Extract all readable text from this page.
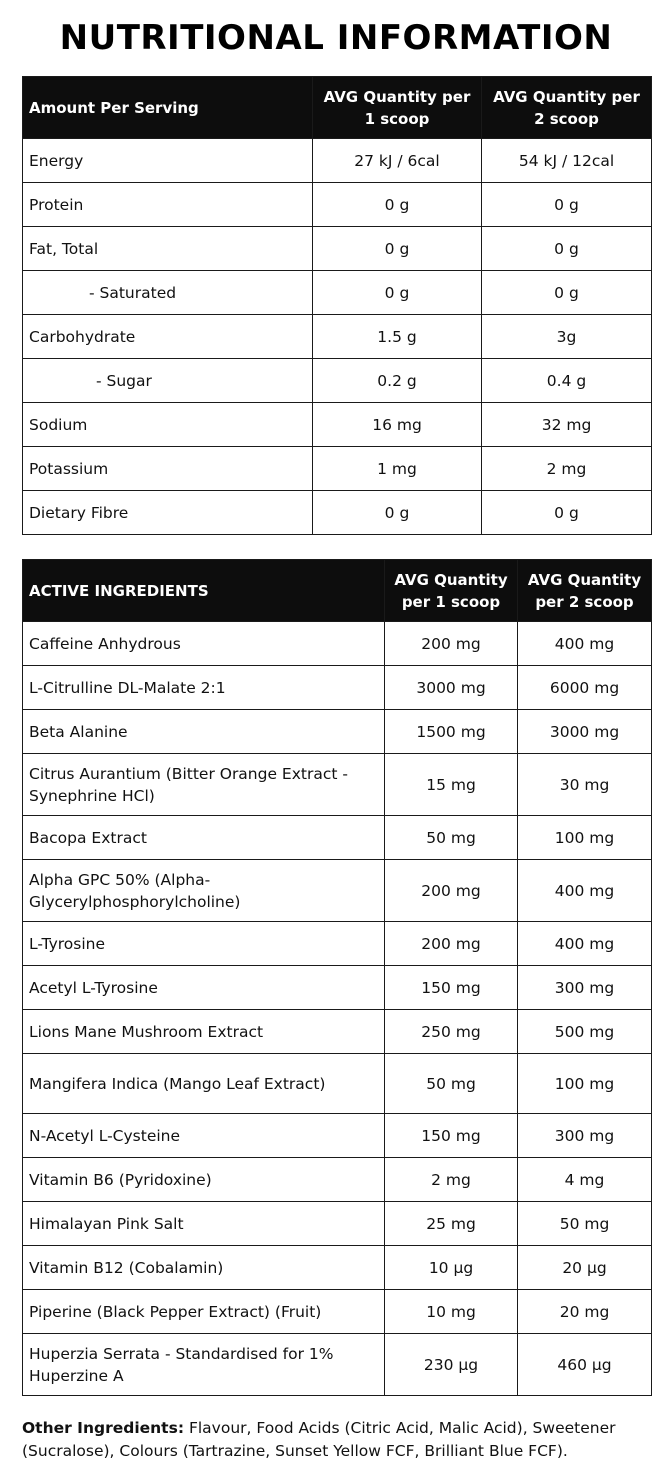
NUTRITIONAL INFORMATION
Amount Per Serving	AVG Quantity per 1 scoop	AVG Quantity per 2 scoop
Energy	27 kJ / 6cal	54 kJ / 12cal
Protein	0 g	0 g
Fat, Total	0 g	0 g
- Saturated	0 g	0 g
Carbohydrate	1.5 g	3g
- Sugar	0.2 g	0.4 g
Sodium	16 mg	32 mg
Potassium	1 mg	2 mg
Dietary Fibre	0 g	0 g
ACTIVE INGREDIENTS	AVG Quantity per 1 scoop	AVG Quantity per 2 scoop
Caffeine Anhydrous	200 mg	400 mg
L-Citrulline DL-Malate 2:1	3000 mg	6000 mg
Beta Alanine	1500 mg	3000 mg
Citrus Aurantium (Bitter Orange Extract - Synephrine HCl)	15 mg	30 mg
Bacopa Extract	50 mg	100 mg
Alpha GPC 50% (Alpha-Glycerylphosphorylcholine)	200 mg	400 mg
L-Tyrosine	200 mg	400 mg
Acetyl L-Tyrosine	150 mg	300 mg
Lions Mane Mushroom Extract	250 mg	500 mg
Mangifera Indica (Mango Leaf Extract)	50 mg	100 mg
N-Acetyl L-Cysteine	150 mg	300 mg
Vitamin B6 (Pyridoxine)	2 mg	4 mg
Himalayan Pink Salt	25 mg	50 mg
Vitamin B12 (Cobalamin)	10 μg	20 μg
Piperine (Black Pepper Extract) (Fruit)	10 mg	20 mg
Huperzia Serrata - Standardised for 1% Huperzine A	230 μg	460 μg
Other Ingredients: Flavour, Food Acids (Citric Acid, Malic Acid), Sweetener (Sucralose), Colours (Tartrazine, Sunset Yellow FCF, Brilliant Blue FCF).
